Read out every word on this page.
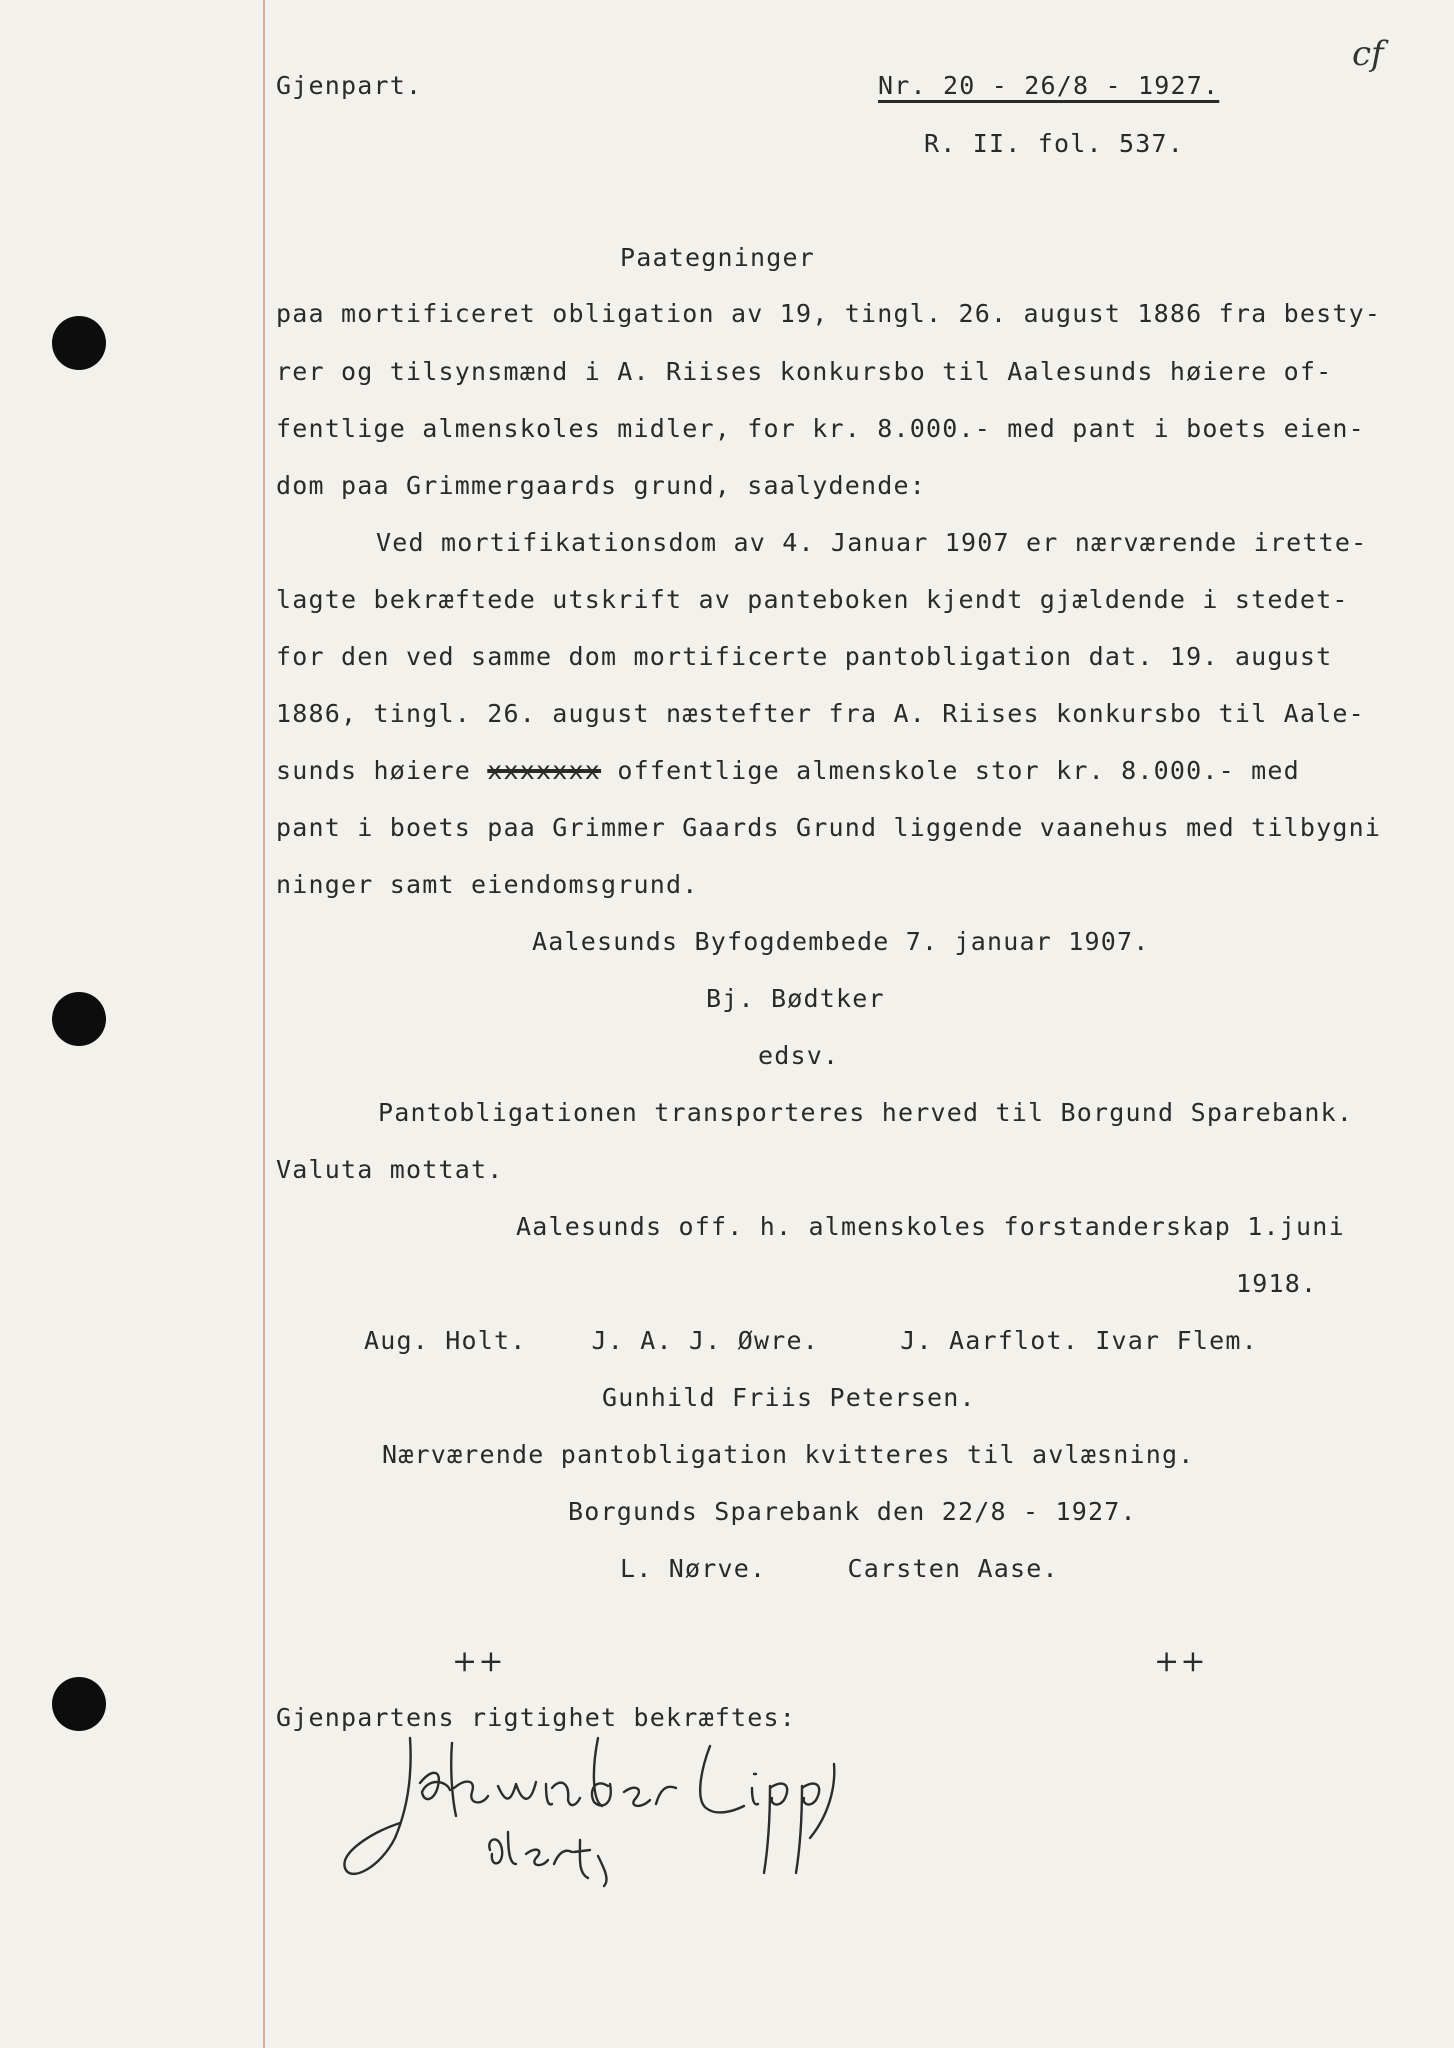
cf
Gjenpart.	Nr. 20 - 26/8 - 1927.
R. II. fol. 537.
Paategninger
paa mortificeret obligation av 19, tingl. 26. august 1886 fra besty-
rer og tilsynsmænd i A. Riises konkursbo til Aalesunds høiere of-
fentlige almenskoles midler, for kr. 8.000.- med pant i boets eien-
dom paa Grimmergaards grund, saalydende:
Ved mortifikationsdom av 4. Januar 1907 er nærværende irette-
lagte bekræftede utskrift av panteboken kjendt gjældende i stedet-
for den ved samme dom mortificerte pantobligation dat. 19. august
1886, tingl. 26. august næstefter fra A. Riises konkursbo til Aale-
sunds høiere xxxxxxx offentlige almenskole stor kr. 8.000.- med
pant i boets paa Grimmer Gaards Grund liggende vaanehus med tilbygni
ninger samt eiendomsgrund.
Aalesunds Byfogdembede 7. januar 1907.
Bj. Bødtker
edsv.
Pantobligationen transporteres herved til Borgund Sparebank.
Valuta mottat.
Aalesunds off. h. almenskoles forstanderskap 1.juni
1918.
Aug. Holt.    J. A. J. Øwre.     J. Aarflot. Ivar Flem.
Gunhild Friis Petersen.
Nærværende pantobligation kvitteres til avlæsning.
Borgunds Sparebank den 22/8 - 1927.
L. Nørve.     Carsten Aase.
++	++
Gjenpartens rigtighet bekræftes:
